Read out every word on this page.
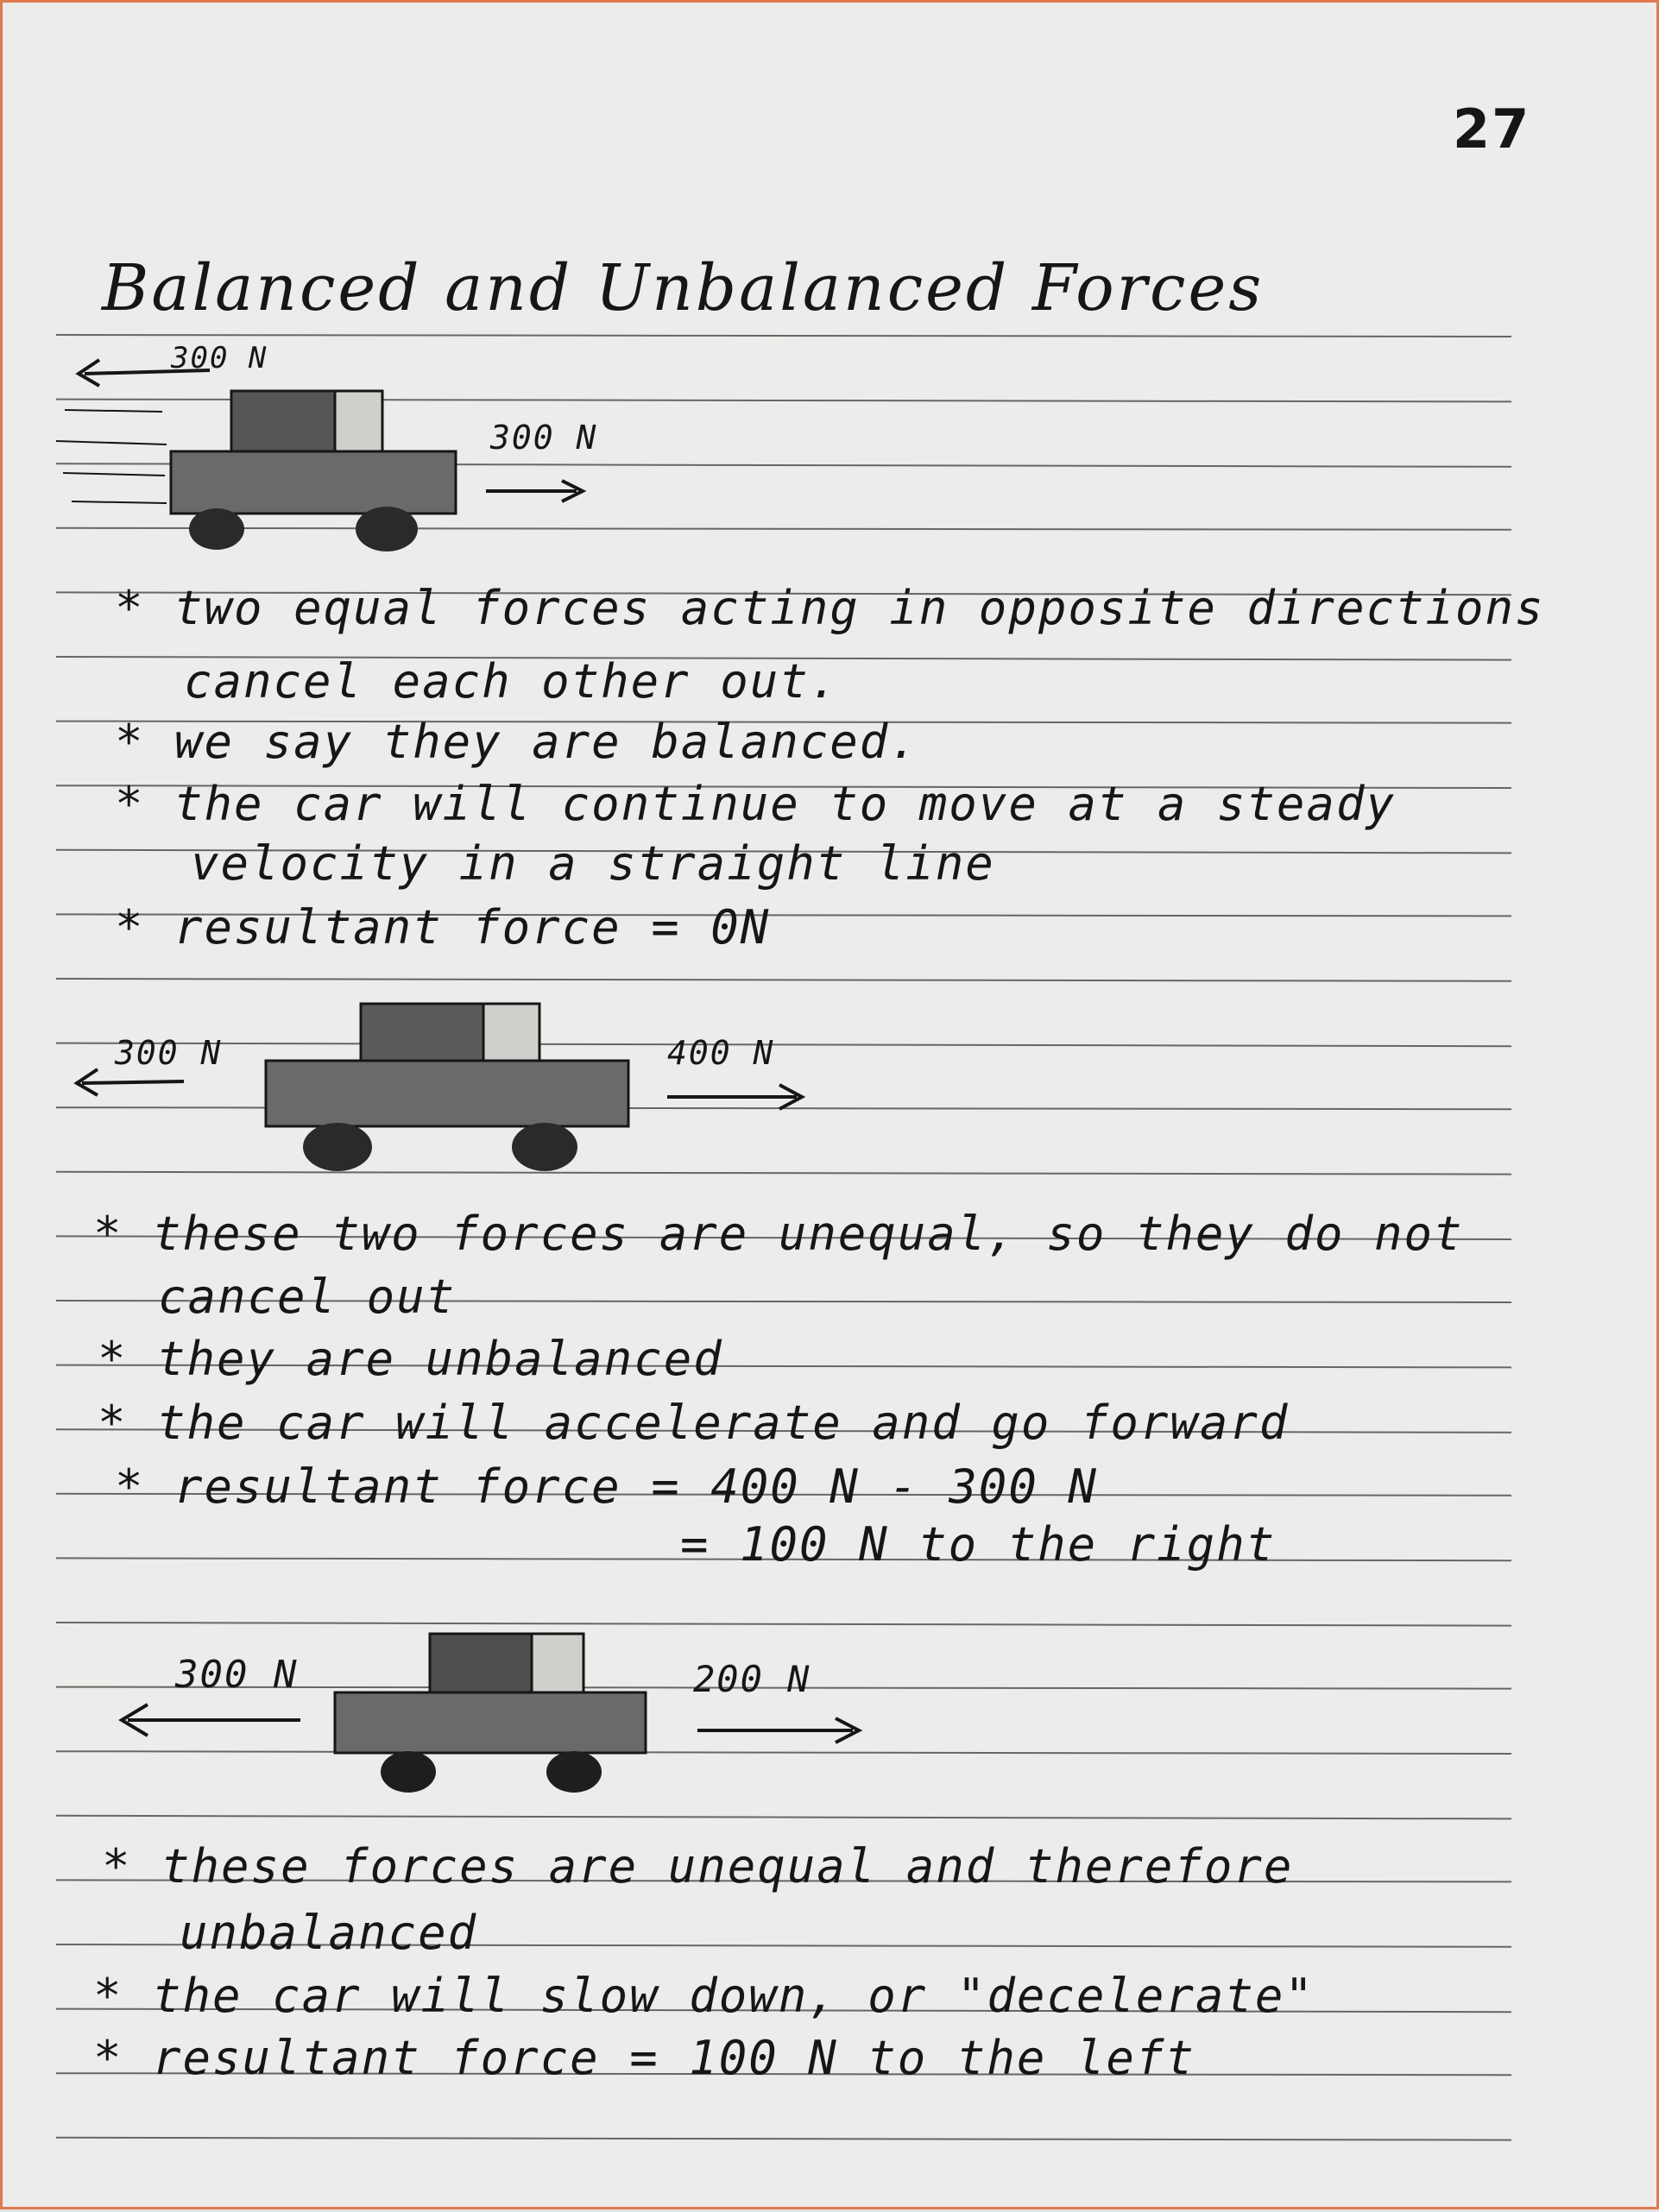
27
Balanced and Unbalanced Forces
300 N
300 N
* two equal forces acting in opposite directions
cancel each other out.
* we say they are balanced.
* the car will continue to move at a steady
velocity in a straight line
* resultant force = 0N
300 N	400 N
* these two forces are unequal, so they do not
cancel out
* they are unbalanced
* the car will accelerate and go forward
* resultant force = 400 N - 300 N
= 100 N to the right
300 N	200 N
* these forces are unequal and therefore
unbalanced
* the car will slow down, or "decelerate"
* resultant force = 100 N to the left
